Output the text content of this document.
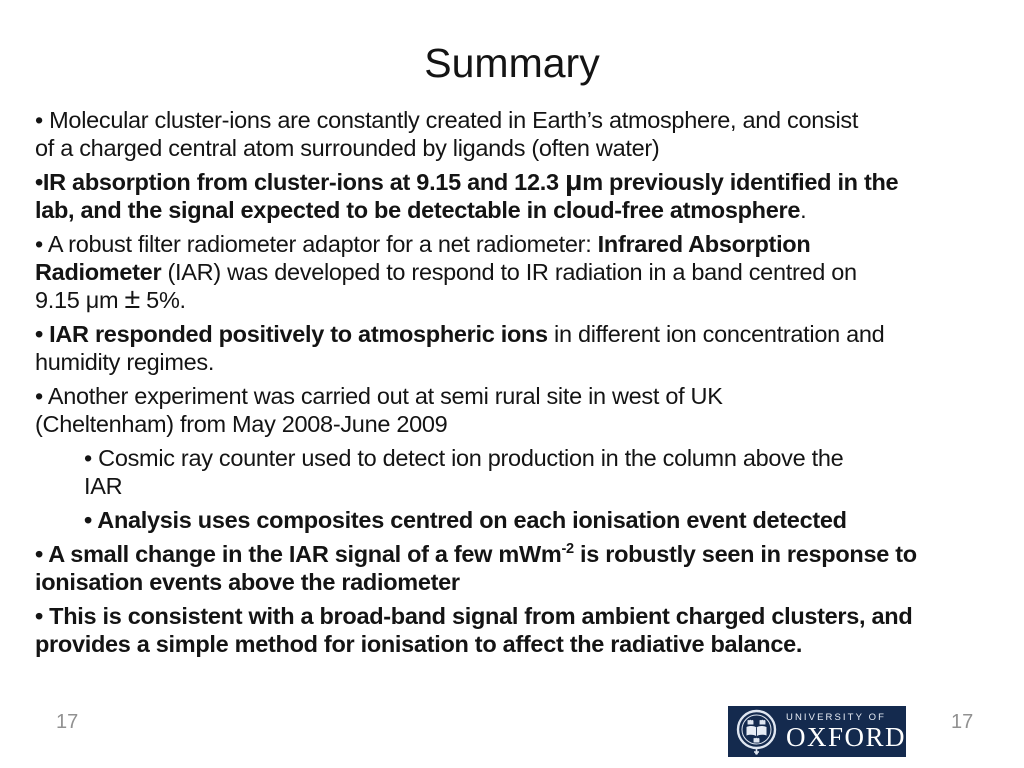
Summary
• Molecular cluster-ions are constantly created in Earth’s atmosphere, and consist
of a charged central atom surrounded by ligands (often water)
•IR absorption from cluster-ions at 9.15 and 12.3 μm previously identified in the
lab, and the signal expected to be detectable in cloud-free atmosphere.
• A robust filter radiometer adaptor for a net radiometer: Infrared Absorption
Radiometer (IAR) was developed to respond to IR radiation in a band centred on
9.15 μm ± 5%.
• IAR responded positively to atmospheric ions in different ion concentration and
humidity regimes.
• Another experiment was carried out at semi rural site in west of UK
(Cheltenham) from May 2008-June 2009
• Cosmic ray counter used to detect ion production in the column above the
IAR
• Analysis uses composites centred on each ionisation event detected
• A small change in the IAR signal of a few mWm$^{-2}$ is robustly seen in response to
ionisation events above the radiometer
• This is consistent with a broad-band signal from ambient charged clusters, and
provides a simple method for ionisation to affect the radiative balance.
17	UNIVERSITY OF
OXFORD 17
